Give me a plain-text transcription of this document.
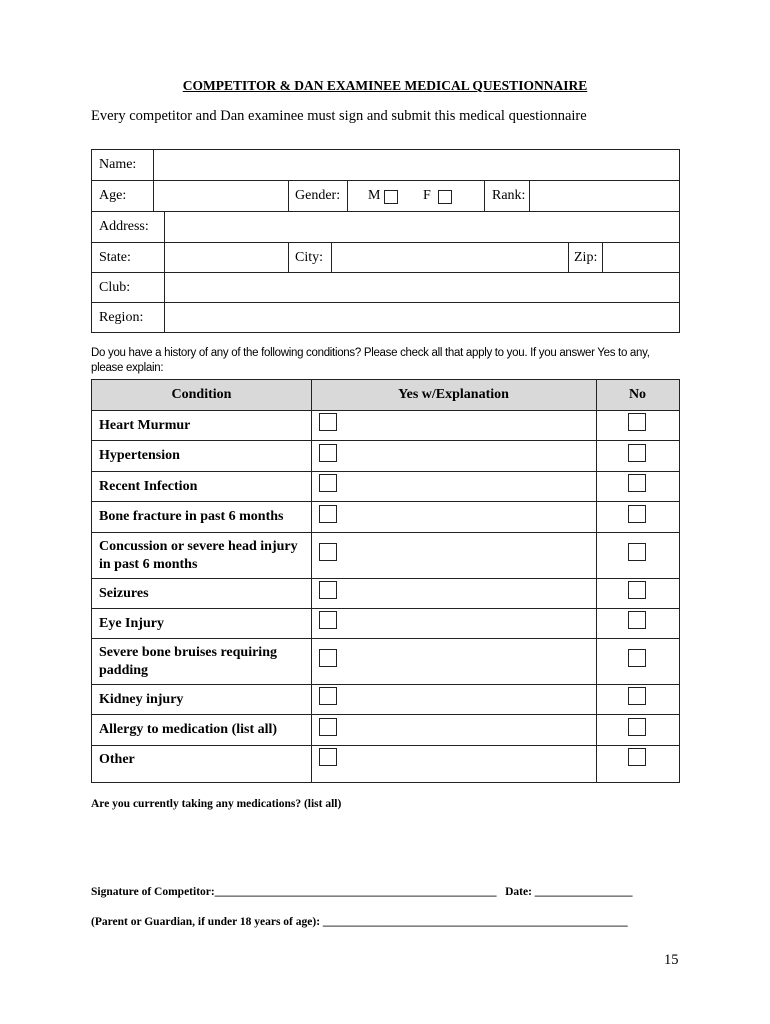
COMPETITOR & DAN EXAMINEE MEDICAL QUESTIONNAIRE
Every competitor and Dan examinee must sign and submit this medical questionnaire
Name:
Age:	Gender: M	F	Rank:
Address:
State:	City:	Zip:
Club:
Region:
Do you have a history of any of the following conditions? Please check all that apply to you. If you answer Yes to any, please explain:
Condition	Yes w/Explanation	No
Heart Murmur
Hypertension
Recent Infection
Bone fracture in past 6 months
Concussion or severe head injury in past 6 months
Seizures
Eye Injury
Severe bone bruises requiring padding
Kidney injury
Allergy to medication (list all)
Other
Are you currently taking any medications? (list all)
Signature of Competitor:_________________________________________________   Date: _________________
(Parent or Guardian, if under 18 years of age): _____________________________________________________
15
